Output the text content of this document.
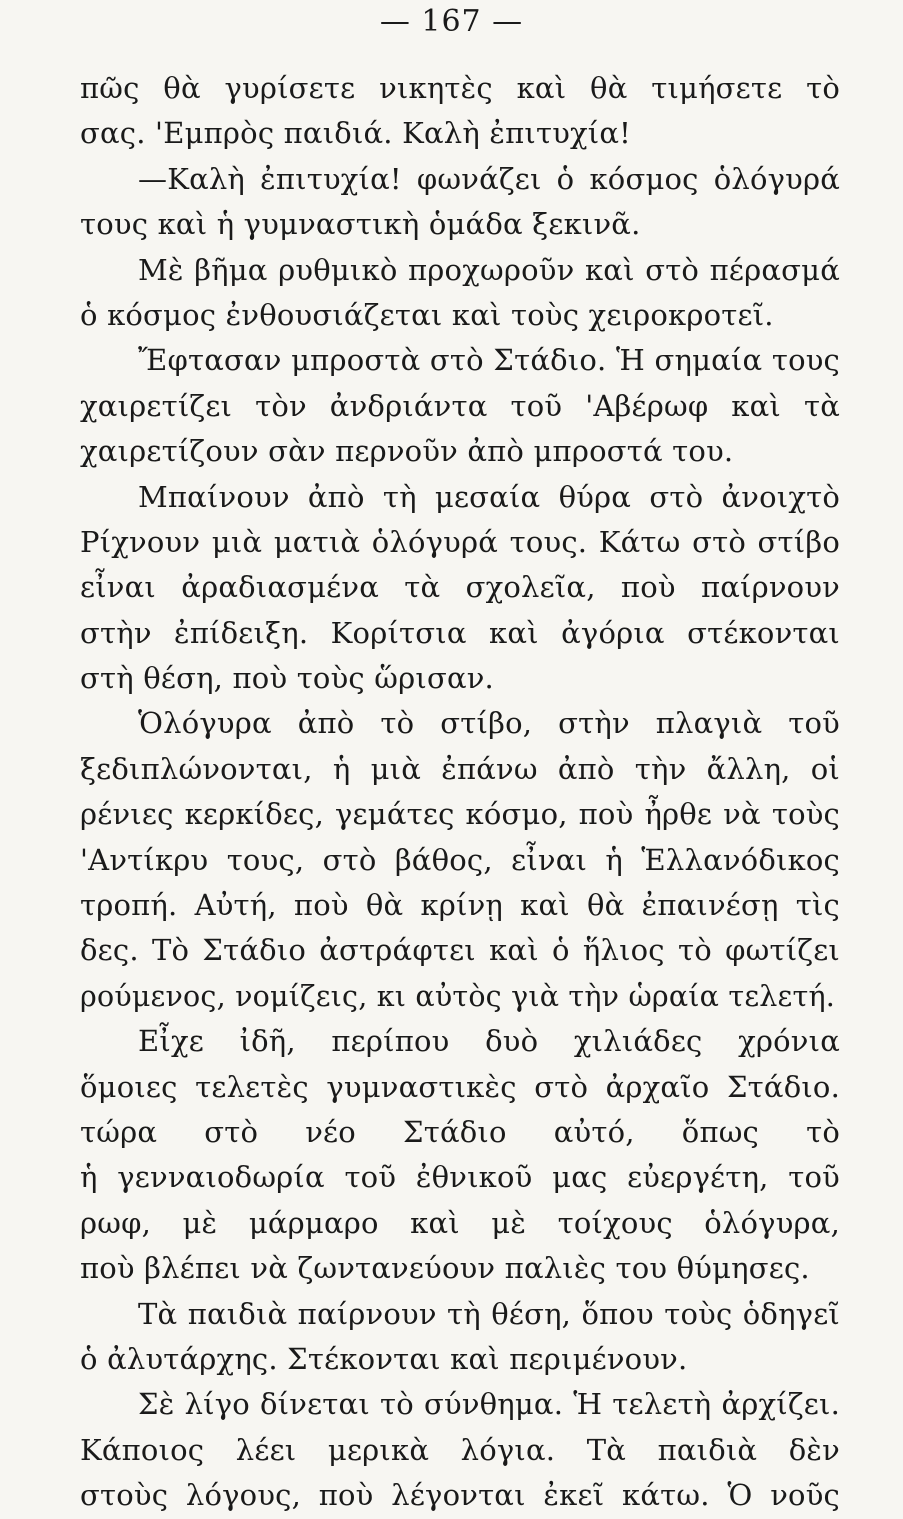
— 167 —
πῶς θὰ γυρίσετε νικητὲς καὶ θὰ τιμήσετε τὸ
σας. 'Εμπρὸς παιδιά. Καλὴ ἐπιτυχία!
—Καλὴ ἐπιτυχία! φωνάζει ὁ κόσμος ὁλόγυρά
τους καὶ ἡ γυμναστικὴ ὁμάδα ξεκινᾶ.
Μὲ βῆμα ρυθμικὸ προχωροῦν καὶ στὸ πέρασμά
ὁ κόσμος ἐνθουσιάζεται καὶ τοὺς χειροκροτεῖ.
Ἔφτασαν μπροστὰ στὸ Στάδιο. Ἡ σημαία τους
χαιρετίζει τὸν ἀνδριάντα τοῦ 'Αβέρωφ καὶ τὰ
χαιρετίζουν σὰν περνοῦν ἀπὸ μπροστά του.
Μπαίνουν ἀπὸ τὴ μεσαία θύρα στὸ ἀνοιχτὸ
Ρίχνουν μιὰ ματιὰ ὁλόγυρά τους. Κάτω στὸ στίβο
εἶναι ἀραδιασμένα τὰ σχολεῖα, ποὺ παίρνουν
στὴν ἐπίδειξη. Κορίτσια καὶ ἀγόρια στέκονται
στὴ θέση, ποὺ τοὺς ὥρισαν.
Ὁλόγυρα ἀπὸ τὸ στίβο, στὴν πλαγιὰ τοῦ
ξεδιπλώνονται, ἡ μιὰ ἐπάνω ἀπὸ τὴν ἄλλη, οἱ
ρένιες κερκίδες, γεμάτες κόσμο, ποὺ ἦρθε νὰ τοὺς
'Αντίκρυ τους, στὸ βάθος, εἶναι ἡ Ἑλλανόδικος
τροπή. Αὐτή, ποὺ θὰ κρίνῃ καὶ θὰ ἐπαινέσῃ τὶς
δες. Τὸ Στάδιο ἀστράφτει καὶ ὁ ἥλιος τὸ φωτίζει
ρούμενος, νομίζεις, κι αὐτὸς γιὰ τὴν ὡραία τελετή.
Εἶχε ἰδῆ, περίπου δυὸ χιλιάδες χρόνια
ὅμοιες τελετὲς γυμναστικὲς στὸ ἀρχαῖο Στάδιο.
τώρα στὸ νέο Στάδιο αὐτό, ὅπως τὸ
ἡ γενναιοδωρία τοῦ ἐθνικοῦ μας εὐεργέτη, τοῦ
ρωφ, μὲ μάρμαρο καὶ μὲ τοίχους ὁλόγυρα,
ποὺ βλέπει νὰ ζωντανεύουν παλιὲς του θύμησες.
Τὰ παιδιὰ παίρνουν τὴ θέση, ὅπου τοὺς ὁδηγεῖ
ὁ ἀλυτάρχης. Στέκονται καὶ περιμένουν.
Σὲ λίγο δίνεται τὸ σύνθημα. Ἡ τελετὴ ἀρχίζει.
Κάποιος λέει μερικὰ λόγια. Τὰ παιδιὰ δὲν
στοὺς λόγους, ποὺ λέγονται ἐκεῖ κάτω. Ὁ νοῦς
